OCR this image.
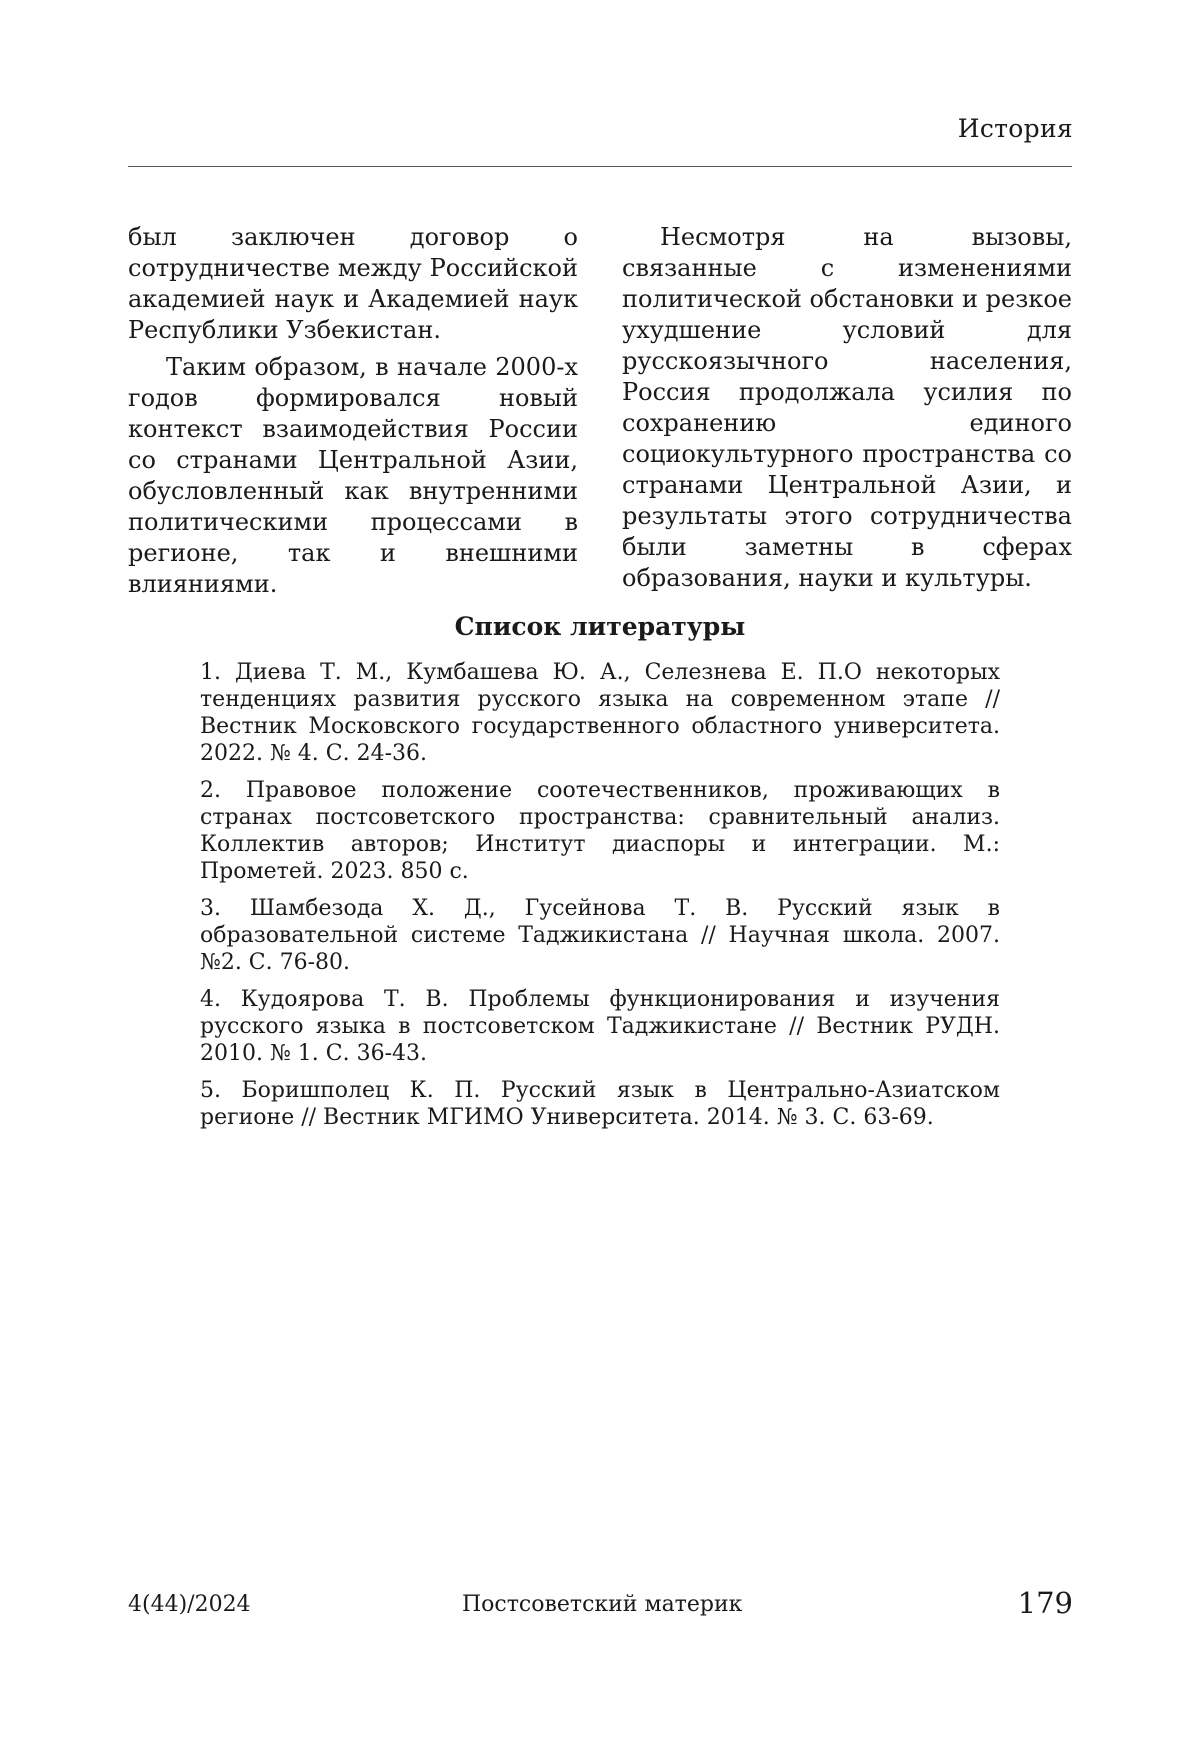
История

был заключен договор о сотрудничестве между Российской академией наук и Академией наук Республики Узбекистан.

Таким образом, в начале 2000-х годов формировался новый контекст взаимодействия России со странами Центральной Азии, обусловленный как внутренними политическими процессами в регионе, так и внешними влияниями.

Несмотря на вызовы, связанные с изменениями политической обстановки и резкое ухудшение условий для русскоязычного населения, Россия продолжала усилия по сохранению единого социокультурного пространства со странами Центральной Азии, и результаты этого сотрудничества были заметны в сферах образования, науки и культуры.

Список литературы
1. Диева Т. М., Кумбашева Ю. А., Селезнева Е. П.О некоторых тенденциях развития русского языка на современном этапе // Вестник Московского государственного областного университета. 2022. № 4. С. 24-36.
2. Правовое положение соотечественников, проживающих в странах постсоветского пространства: сравнительный анализ. Коллектив авторов; Институт диаспоры и интеграции. М.: Прометей. 2023. 850 с.
3. Шамбезода Х. Д., Гусейнова Т. В. Русский язык в образовательной системе Таджикистана // Научная школа. 2007. №2. С. 76-80.
4. Кудоярова Т. В. Проблемы функционирования и изучения русского языка в постсоветском Таджикистане // Вестник РУДН. 2010. № 1. С. 36-43.
5. Боришполец К. П. Русский язык в Центрально-Азиатском регионе // Вестник МГИМО Университета. 2014. № 3. С. 63-69.
4(44)/2024	Постсоветский материк	179
